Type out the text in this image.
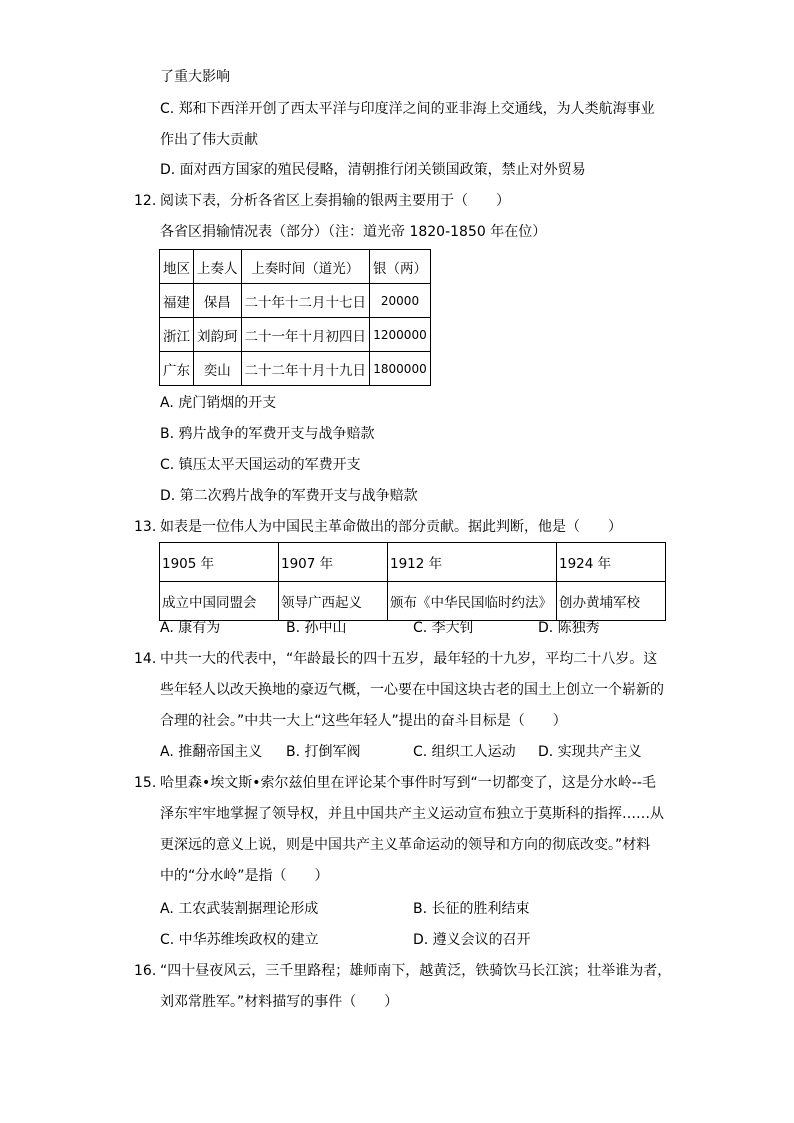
了重大影响
C. 郑和下西洋开创了西太平洋与印度洋之间的亚非海上交通线，为人类航海事业
作出了伟大贡献
D. 面对西方国家的殖民侵略，清朝推行闭关锁国政策，禁止对外贸易
12. 阅读下表，分析各省区上奏捐输的银两主要用于（　　）
各省区捐输情况表（部分）（注：道光帝 1820-1850 年在位）
地区	上奏人	上奏时间（道光）	银（两）
福建	保昌	二十年十二月十七日	20000
浙江	刘韵珂	二十一年十月初四日	1200000
广东	奕山	二十二年十月十九日	1800000
A. 虎门销烟的开支
B. 鸦片战争的军费开支与战争赔款
C. 镇压太平天国运动的军费开支
D. 第二次鸦片战争的军费开支与战争赔款
13. 如表是一位伟人为中国民主革命做出的部分贡献。据此判断，他是（　　）
1905 年	1907 年	1912 年	1924 年
成立中国同盟会	领导广西起义	颁布《中华民国临时约法》	创办黄埔军校
A. 康有为	B. 孙中山	C. 李大钊	D. 陈独秀
14. 中共一大的代表中，“年龄最长的四十五岁，最年轻的十九岁，平均二十八岁。这
些年轻人以改天换地的豪迈气概，一心要在中国这块古老的国土上创立一个崭新的
合理的社会。”中共一大上“这些年轻人”提出的奋斗目标是（　　）
A. 推翻帝国主义 B. 打倒军阀	C. 组织工人运动 D. 实现共产主义
15. 哈里森•埃文斯•索尔兹伯里在评论某个事件时写到“一切都变了，这是分水岭--毛
泽东牢牢地掌握了领导权，并且中国共产主义运动宣布独立于莫斯科的指挥……从
更深远的意义上说，则是中国共产主义革命运动的领导和方向的彻底改变。”材料
中的“分水岭”是指（　　）
A. 工农武装割据理论形成	B. 长征的胜利结束
C. 中华苏维埃政权的建立	D. 遵义会议的召开
16. “四十昼夜风云，三千里路程；雄师南下，越黄泛，铁骑饮马长江滨；壮举谁为者，
刘邓常胜军。”材料描写的事件（　　）
